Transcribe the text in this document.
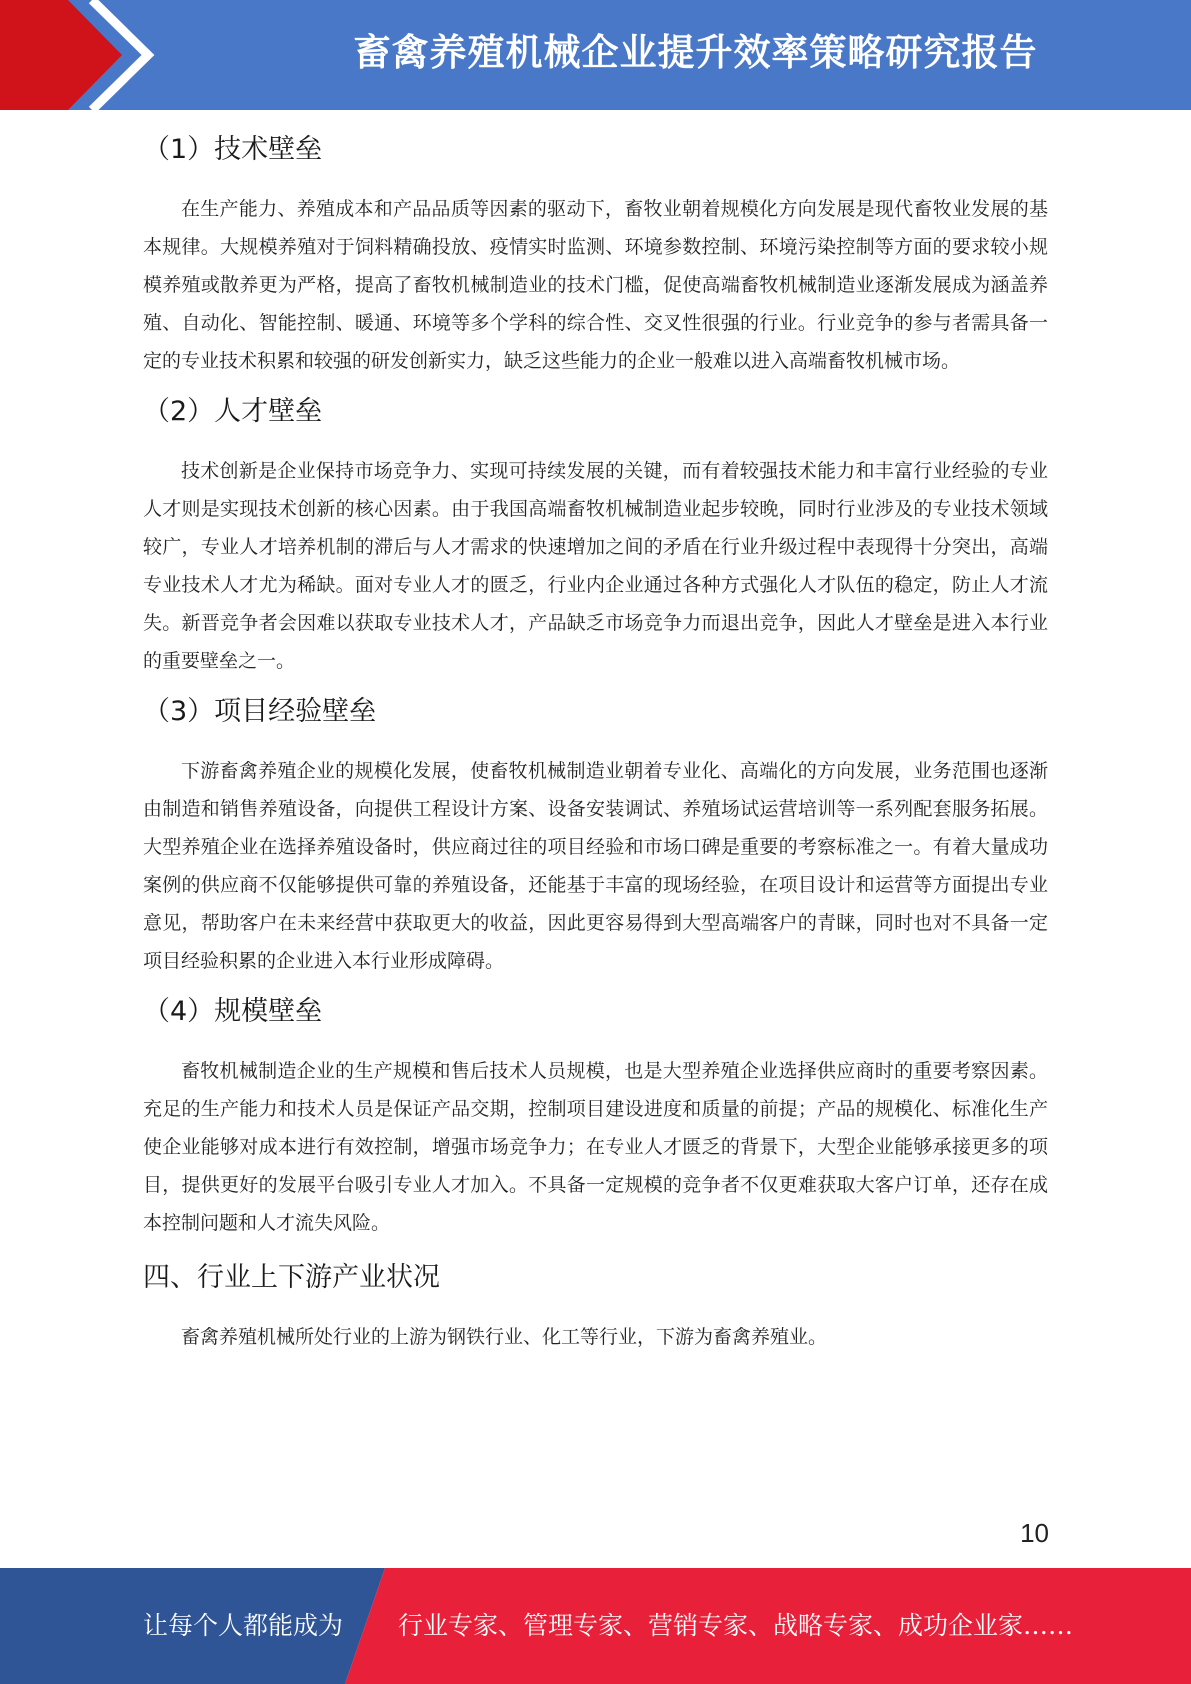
畜禽养殖机械企业提升效率策略研究报告
（1）技术壁垒

在生产能力、养殖成本和产品品质等因素的驱动下，畜牧业朝着规模化方向发展是现代畜牧业发展的基本规律。大规模养殖对于饲料精确投放、疫情实时监测、环境参数控制、环境污染控制等方面的要求较小规模养殖或散养更为严格，提高了畜牧机械制造业的技术门槛，促使高端畜牧机械制造业逐渐发展成为涵盖养殖、自动化、智能控制、暖通、环境等多个学科的综合性、交叉性很强的行业。行业竞争的参与者需具备一定的专业技术积累和较强的研发创新实力，缺乏这些能力的企业一般难以进入高端畜牧机械市场。

（2）人才壁垒

技术创新是企业保持市场竞争力、实现可持续发展的关键，而有着较强技术能力和丰富行业经验的专业人才则是实现技术创新的核心因素。由于我国高端畜牧机械制造业起步较晚，同时行业涉及的专业技术领域较广，专业人才培养机制的滞后与人才需求的快速增加之间的矛盾在行业升级过程中表现得十分突出，高端专业技术人才尤为稀缺。面对专业人才的匮乏，行业内企业通过各种方式强化人才队伍的稳定，防止人才流失。新晋竞争者会因难以获取专业技术人才，产品缺乏市场竞争力而退出竞争，因此人才壁垒是进入本行业的重要壁垒之一。

（3）项目经验壁垒

下游畜禽养殖企业的规模化发展，使畜牧机械制造业朝着专业化、高端化的方向发展，业务范围也逐渐由制造和销售养殖设备，向提供工程设计方案、设备安装调试、养殖场试运营培训等一系列配套服务拓展。大型养殖企业在选择养殖设备时，供应商过往的项目经验和市场口碑是重要的考察标准之一。有着大量成功案例的供应商不仅能够提供可靠的养殖设备，还能基于丰富的现场经验，在项目设计和运营等方面提出专业意见，帮助客户在未来经营中获取更大的收益，因此更容易得到大型高端客户的青睐，同时也对不具备一定项目经验积累的企业进入本行业形成障碍。

（4）规模壁垒

畜牧机械制造企业的生产规模和售后技术人员规模，也是大型养殖企业选择供应商时的重要考察因素。充足的生产能力和技术人员是保证产品交期，控制项目建设进度和质量的前提；产品的规模化、标准化生产使企业能够对成本进行有效控制，增强市场竞争力；在专业人才匮乏的背景下，大型企业能够承接更多的项目，提供更好的发展平台吸引专业人才加入。不具备一定规模的竞争者不仅更难获取大客户订单，还存在成本控制问题和人才流失风险。

四、行业上下游产业状况

畜禽养殖机械所处行业的上游为钢铁行业、化工等行业，下游为畜禽养殖业。

10
让每个人都能成为 行业专家、管理专家、营销专家、战略专家、成功企业家……
